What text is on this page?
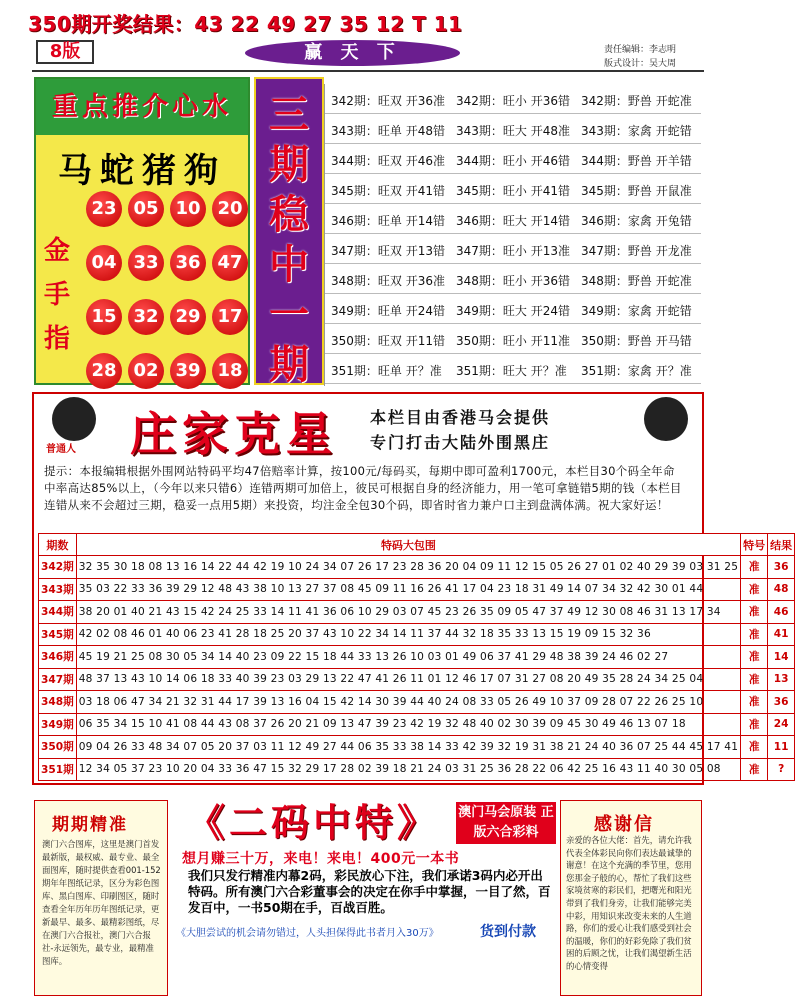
350期开奖结果：43 22 49 27 35 12 T 11
8版	赢 天 下	责任编辑：李志明
版式设计：吴大周
重点推介心水
马蛇猪狗
金
手
指
23 05 10 20
04 33 36 47
15 32 29 17
28 02 39 18
三
期
稳
中
一
期
342期：旺双 开36准 342期：旺小 开36错 342期：野兽 开蛇准
343期：旺单 开48错 343期：旺大 开48准 343期：家禽 开蛇错
344期：旺双 开46准 344期：旺小 开46错 344期：野兽 开羊错
345期：旺双 开41错 345期：旺小 开41错 345期：野兽 开鼠准
346期：旺单 开14错 346期：旺大 开14错 346期：家禽 开兔错
347期：旺双 开13错 347期：旺小 开13准 347期：野兽 开龙准
348期：旺双 开36准 348期：旺小 开36错 348期：野兽 开蛇准
349期：旺单 开24错 349期：旺大 开24错 349期：家禽 开蛇错
350期：旺双 开11错 350期：旺小 开11准 350期：野兽 开马错
351期：旺单 开？准 351期：旺大 开？准 351期：家禽 开？准
普通人 庄家克星 本栏目由香港马会提供
专门打击大陆外围黑庄
提示：本报编辑根据外围网站特码平均47倍赔率计算，按100元/每码买，每期中即可盈利1700元，本栏目30个码全年命中率高达85%以上，（今年以来只错6）连错两期可加倍上，彼民可根据自身的经济能力，用一笔可拿链错5期的钱（本栏目连错从来不会超过三期，稳妥一点用5期）来投资，均注金全包30个码，即省时省力兼户口主到盘满体满。祝大家好运！
期数	特码大包围	特号	结果
342期	32 35 30 18 08 13 16 14 22 44 42 19 10 24 34 07 26 17 23 28 36 20 04 09 11 12 15 05 26 27 01 02 40 29 39 03 31 25	准	36
343期	35 03 22 33 36 39 29 12 48 43 38 10 13 27 37 08 45 09 11 16 26 41 17 04 23 18 31 49 14 07 34 32 42 30 01 44	准	48
344期	38 20 01 40 21 43 15 42 24 25 33 14 11 41 36 06 10 29 03 07 45 23 26 35 09 05 47 37 49 12 30 08 46 31 13 17 34	准	46
345期	42 02 08 46 01 40 06 23 41 28 18 25 20 37 43 10 22 34 14 11 37 44 32 18 35 33 13 15 19 09 15 32 36	准	41
346期	45 19 21 25 08 30 05 34 14 40 23 09 22 15 18 44 33 13 26 10 03 01 49 06 37 41 29 48 38 39 24 46 02 27	准	14
347期	48 37 13 43 10 14 06 18 33 40 39 23 03 29 13 22 47 41 26 11 01 12 46 17 07 31 27 08 20 49 35 28 24 34 25 04	准	13
348期	03 18 06 47 34 21 32 31 44 17 39 13 16 04 15 42 14 30 39 44 40 24 08 33 05 26 49 10 37 09 28 07 22 26 25 10	准	36
349期	06 35 34 15 10 41 08 44 43 08 37 26 20 21 09 13 47 39 23 42 19 32 48 40 02 30 39 09 45 30 49 46 13 07 18	准	24
350期	09 04 26 33 48 34 07 05 20 37 03 11 12 49 27 44 06 35 33 38 14 33 42 39 32 19 31 38 21 24 40 36 07 25 44 45 17 41	准	11
351期	12 34 05 37 23 10 20 04 33 36 47 15 32 29 17 28 02 39 18 21 24 03 31 25 36 28 22 06 42 25 16 43 11 40 30 05 08	准	?
期期精准
澳门六合图库，这里是澳门首发最新版，最权威、最专业、最全面图库，随时提供查看001-152期年年图纸记录，区分为彩色图库、黑白图库、印刷图区，随时查看全年历年历年图纸记录，更新最早、最多、最精彩图纸，尽在澳门六合报社，澳门六合报社-永远领先，最专业，最精准图库。
《二码中特》	澳门马会原装 正版六合彩料
想月赚三十万，来电！来电！400元一本书
我们只发行精准内幕2码，彩民放心下注，我们承诺3码内必开出特码。所有澳门六合彩董事会的决定在你手中掌握，一目了然，百发百中，一书50期在手，百战百胜。
《大胆尝试的机会请勿错过，人头担保得此书者月入30万》	货到付款
感谢信
亲爱的各位大佬：首先，请允许我代表全体彩民向你们表达最诚挚的谢意！在这个充满的季节里，您用您那金子般的心，帮忙了我们这些家境贫寒的彩民们，把曙光和阳光带到了我们身旁，让我们能够完美中彩，用知识来改变未来的人生道路，你们的爱心让我们感受到社会的温暖，你们的好彩免除了我们贫困的后顾之忧，让我们渴望新生活的心情变得
